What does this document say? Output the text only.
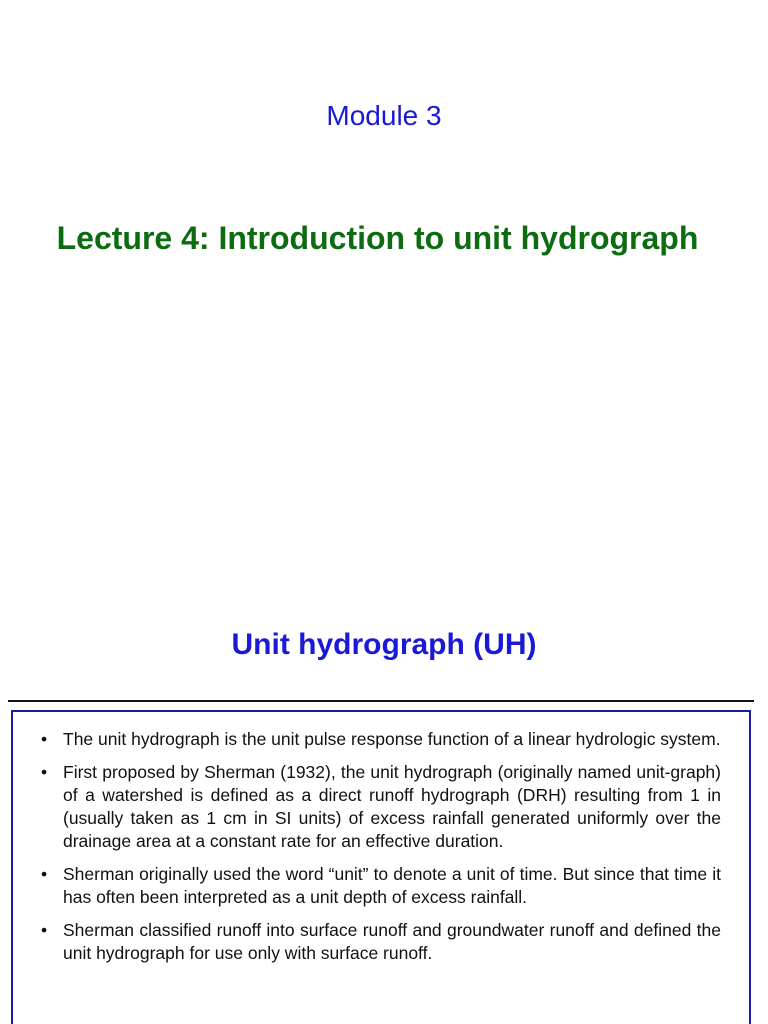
Module 3
Lecture 4: Introduction to unit hydrograph
Unit hydrograph (UH)
• The unit hydrograph is the unit pulse response function of a linear hydrologic system.
• First proposed by Sherman (1932), the unit hydrograph (originally named unit-graph) of a watershed is defined as a direct runoff hydrograph (DRH) resulting from 1 in (usually taken as 1 cm in SI units) of excess rainfall generated uniformly over the drainage area at a constant rate for an effective duration.
• Sherman originally used the word “unit” to denote a unit of time. But since that time it has often been interpreted as a unit depth of excess rainfall.
• Sherman classified runoff into surface runoff and groundwater runoff and defined the unit hydrograph for use only with surface runoff.
